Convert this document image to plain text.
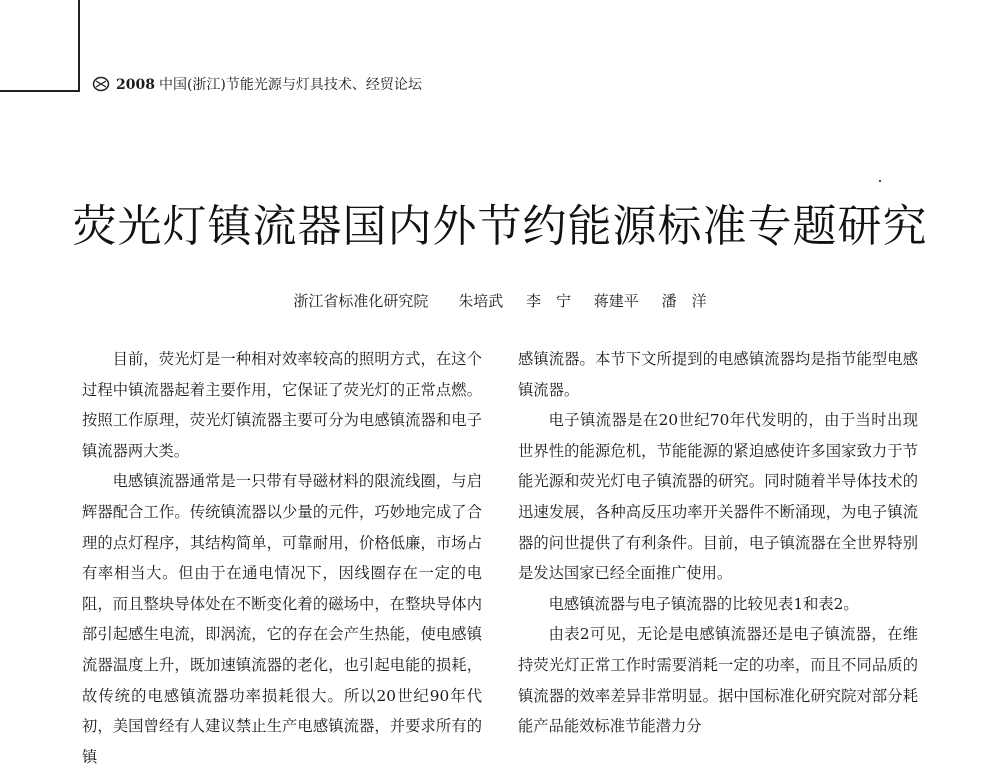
2008 中国(浙江)节能光源与灯具技术、经贸论坛
荧光灯镇流器国内外节约能源标准专题研究
浙江省标准化研究院 朱培武 李　宁 蒋建平 潘　洋

目前，荧光灯是一种相对效率较高的照明方式，在这个过程中镇流器起着主要作用，它保证了荧光灯的正常点燃。按照工作原理，荧光灯镇流器主要可分为电感镇流器和电子镇流器两大类。

电感镇流器通常是一只带有导磁材料的限流线圈，与启辉器配合工作。传统镇流器以少量的元件，巧妙地完成了合理的点灯程序，其结构简单，可靠耐用，价格低廉，市场占有率相当大。但由于在通电情况下，因线圈存在一定的电阻，而且整块导体处在不断变化着的磁场中，在整块导体内部引起感生电流，即涡流，它的存在会产生热能，使电感镇流器温度上升，既加速镇流器的老化，也引起电能的损耗，故传统的电感镇流器功率损耗很大。所以20世纪90年代初，美国曾经有人建议禁止生产电感镇流器，并要求所有的镇

感镇流器。本节下文所提到的电感镇流器均是指节能型电感镇流器。

电子镇流器是在20世纪70年代发明的，由于当时出现世界性的能源危机，节能能源的紧迫感使许多国家致力于节能光源和荧光灯电子镇流器的研究。同时随着半导体技术的迅速发展，各种高反压功率开关器件不断涌现，为电子镇流器的问世提供了有利条件。目前，电子镇流器在全世界特别是发达国家已经全面推广使用。

电感镇流器与电子镇流器的比较见表1和表2。

由表2可见，无论是电感镇流器还是电子镇流器，在维持荧光灯正常工作时需要消耗一定的功率，而且不同品质的镇流器的效率差异非常明显。据中国标准化研究院对部分耗能产品能效标准节能潜力分
